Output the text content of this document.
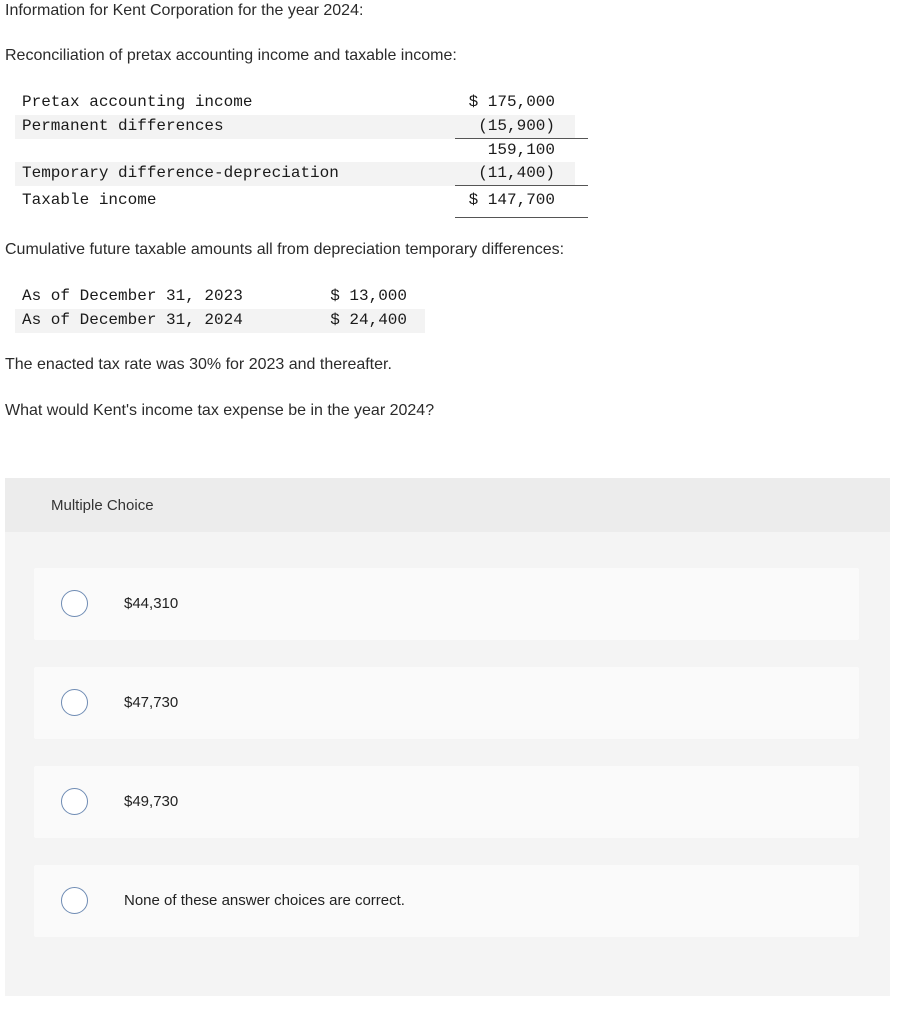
Information for Kent Corporation for the year 2024:

Reconciliation of pretax accounting income and taxable income:

Pretax accounting income	$ 175,000
Permanent differences	(15,900)
159,100
Temporary difference-depreciation	(11,400)
Taxable income	$ 147,700

Cumulative future taxable amounts all from depreciation temporary differences:

As of December 31, 2023	$ 13,000
As of December 31, 2024	$ 24,400

The enacted tax rate was 30% for 2023 and thereafter.

What would Kent's income tax expense be in the year 2024?

Multiple Choice
$44,310
$47,730
$49,730
None of these answer choices are correct.
